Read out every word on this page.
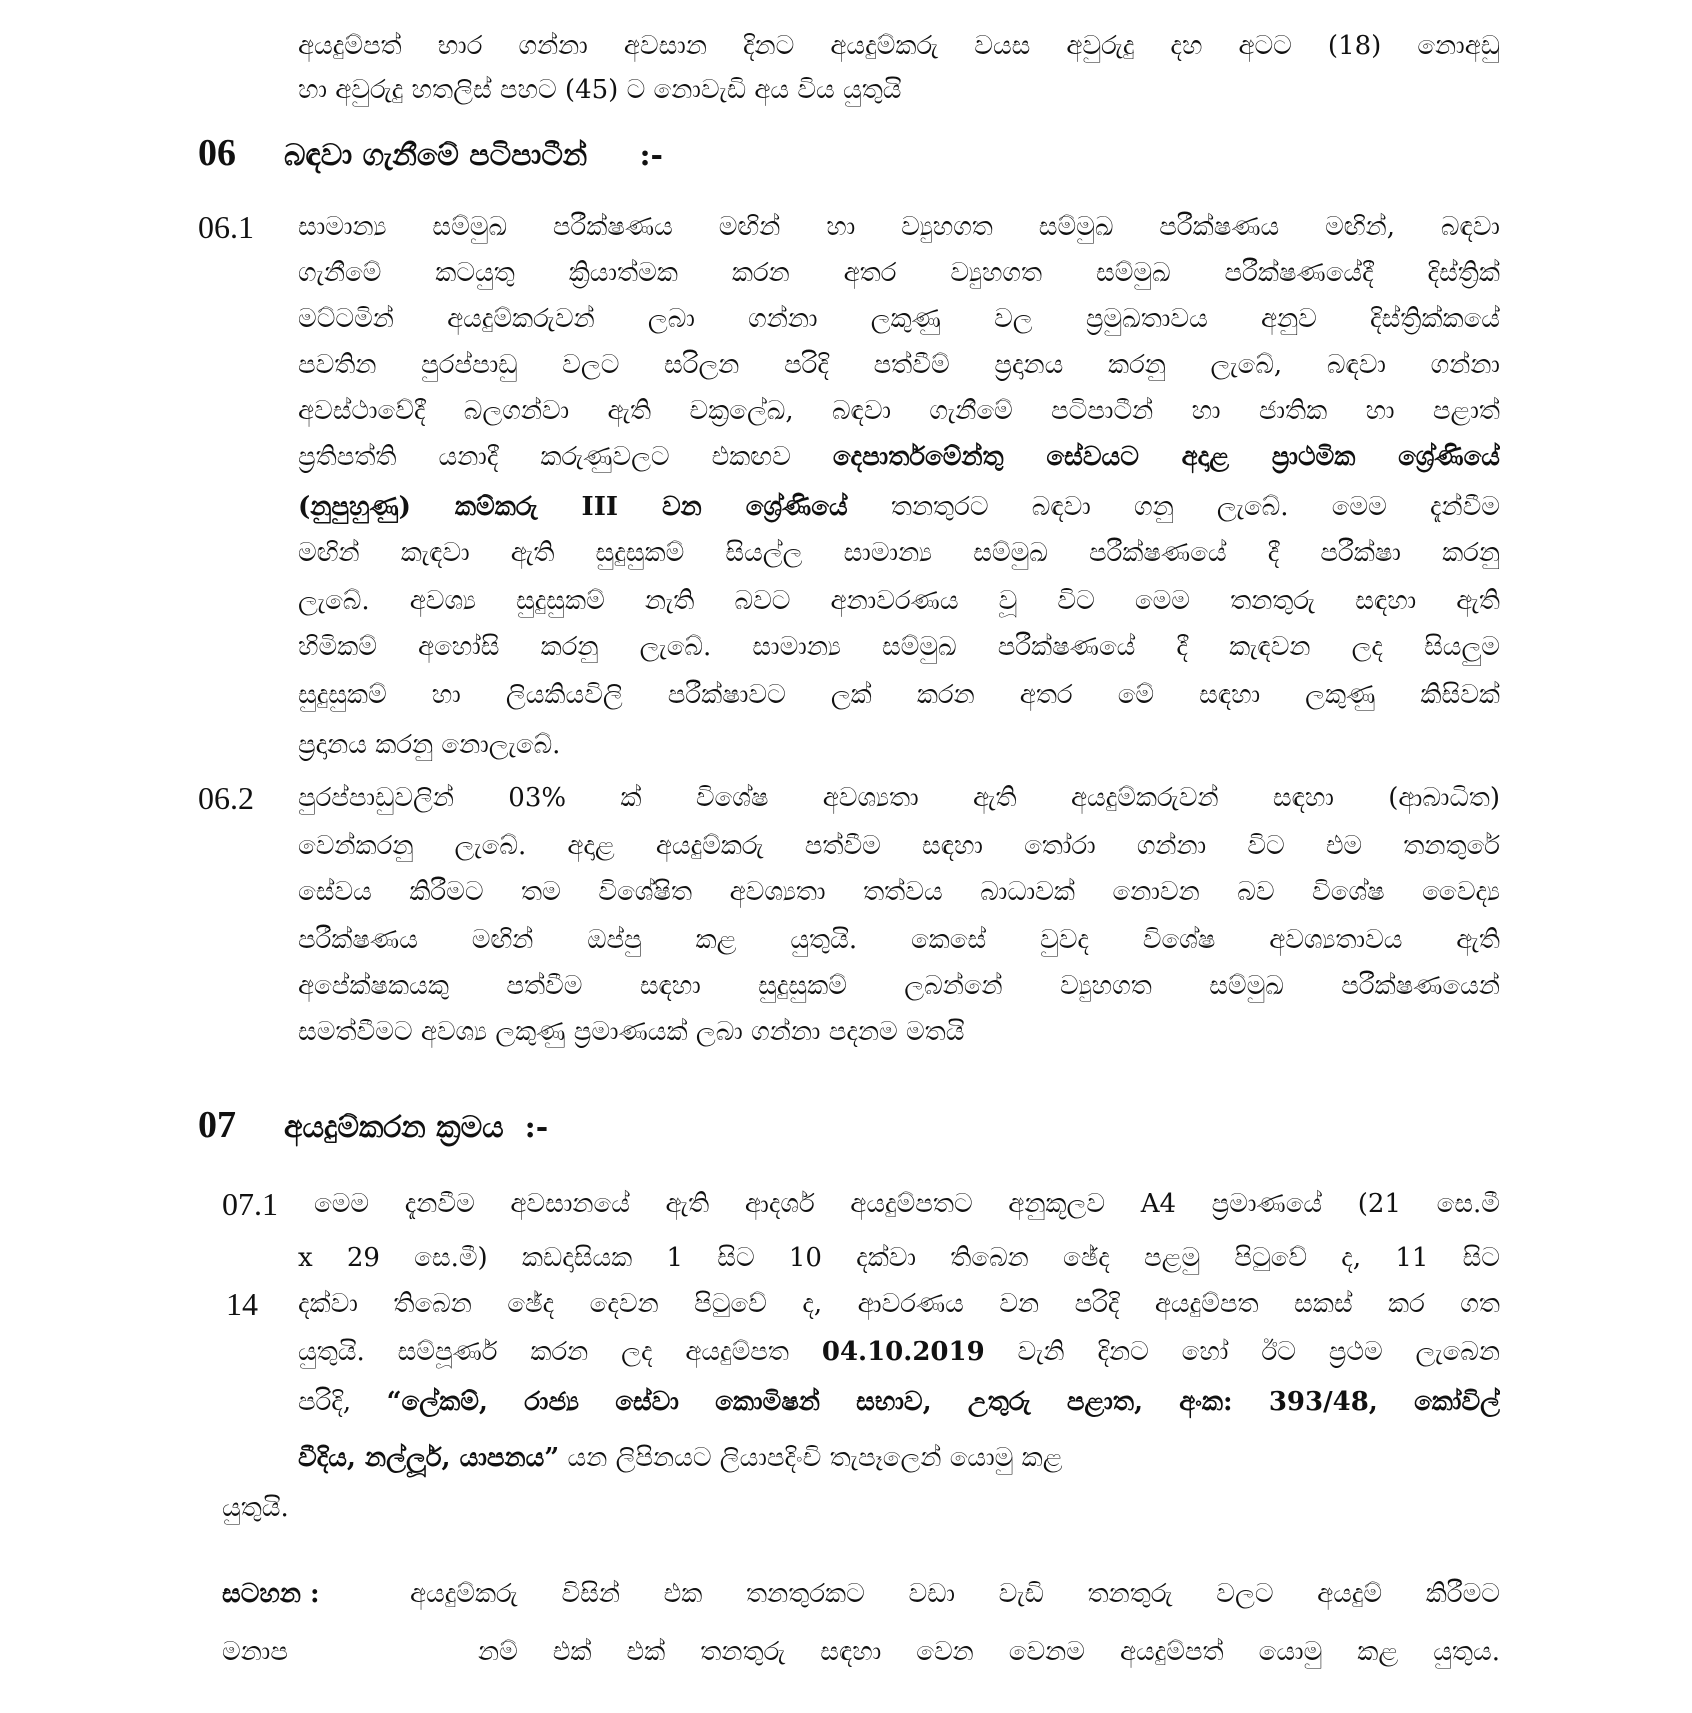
අයදුම්පත් භාර ගන්නා අවසාන දිනට අයදුම්කරු වයස අවුරුදු දහ අටට (18) නොඅඩු
හා අවුරුදු හතලිස් පහට (45) ට නොවැඩි අය විය යුතුයි
06 බඳවා ගැනීමේ පටිපාටීන් :-
06.1 සාමාන්‍ය සම්මුඛ පරීක්ෂණය මඟින් හා ව්‍යුහගත සම්මුඛ පරීක්ෂණය මඟින්, බඳවා
ගැනීමේ කටයුතු ක්‍රියාත්මක කරන අතර ව්‍යුහගත සම්මුඛ පරීක්ෂණයේදී දිස්ත්‍රික්
මට්ටමින් අයදුම්කරුවන් ලබා ගන්නා ලකුණු වල ප්‍රමුඛතාවය අනුව දිස්ත්‍රික්කයේ
පවතින පුරප්පාඩු වලට සරිලන පරිදි පත්වීම් ප්‍රදානය කරනු ලැබේ, බඳවා ගන්නා
අවස්ථාවේදී බලගන්වා ඇති චක්‍රලේඛ, බඳවා ගැනීමේ පටිපාටීන් හා ජාතික හා පළාත්
ප්‍රතිපත්ති යනාදී කරුණුවලට එකඟව දෙපාර්තමේන්තු සේවයට අදාළ ප්‍රාථමික ශ්‍රේණියේ
(නුපුහුණු) කම්කරු III වන ශ්‍රේණියේ තනතුරට බඳවා ගනු ලැබේ. මෙම දැන්වීම
මඟින් කැඳවා ඇති සුදුසුකම් සියල්ල සාමාන්‍ය සම්මුඛ පරීක්ෂණයේ දී පරීක්ෂා කරනු
ලැබේ. අවශ්‍ය සුදුසුකම් නැති බවට අනාවරණය වූ විට මෙම තනතුරු සඳහා ඇති
හිමිකම් අහෝසි කරනු ලැබේ. සාමාන්‍ය සම්මුඛ පරීක්ෂණයේ දී කැඳවන ලද සියලුම
සුදුසුකම් හා ලියකියවිලි පරීක්ෂාවට ලක් කරන අතර මේ සඳහා ලකුණු කිසිවක්
ප්‍රදානය කරනු නොලැබේ.
06.2 පුරප්පාඩුවලින් 03% ක් විශේෂ අවශ්‍යතා ඇති අයදුම්කරුවන් සඳහා (ආබාධිත)
වෙන්කරනු ලැබේ. අදාළ අයදුම්කරු පත්වීම සඳහා තෝරා ගන්නා විට එම තනතුරේ
සේවය කිරීමට තම විශේෂිත අවශ්‍යතා තත්වය බාධාවක් නොවන බව විශේෂ වෛද්‍ය
පරීක්ෂණය මඟින් ඔප්පු කළ යුතුයි. කෙසේ වුවද විශේෂ අවශ්‍යතාවය ඇති
අපේක්ෂකයකු පත්වීම සඳහා සුදුසුකම් ලබන්නේ ව්‍යුහගත සම්මුඛ පරීක්ෂණයෙන්
සමත්වීමට අවශ්‍ය ලකුණු ප්‍රමාණයක් ලබා ගන්නා පදනම මතයි
07 අයදුම්කරන ක්‍රමය :-
07.1 මෙම දැනවීම අවසානයේ ඇති ආදර්ශ අයදුම්පතට අනුකූලව A4 ප්‍රමාණයේ (21 සෙ.මී
x 29 සෙ.මී) කඩදාසියක 1 සිට 10 දක්වා තිබෙන ඡේද පළමු පිටුවේ ද, 11 සිට
14 දක්වා තිබෙන ඡේද දෙවන පිටුවේ ද, ආවරණය වන පරිදි අයදුම්පත සකස් කර ගත
යුතුයි. සම්පූර්ණ කරන ලද අයදුම්පත 04.10.2019 වැනි දිනට හෝ ඊට ප්‍රථම ලැබෙන
පරිදි, “ලේකම්, රාජ්‍ය සේවා කොමිෂන් සභාව, උතුරු පළාත, අංක: 393/48, කෝවිල්
වීදිය, නල්ලූර්, යාපනය” යන ලිපිනයට ලියාපදිංචි තැපෑලෙන් යොමු කළ
යුතුයි.
සටහන :	අයදුම්කරු විසින් එක තනතුරකට වඩා වැඩි තනතුරු වලට අයදුම් කිරීමට
මනාප	නම් එක් එක් තනතුරු සඳහා වෙන වෙනම අයදුම්පත් යොමු කළ යුතුය.
